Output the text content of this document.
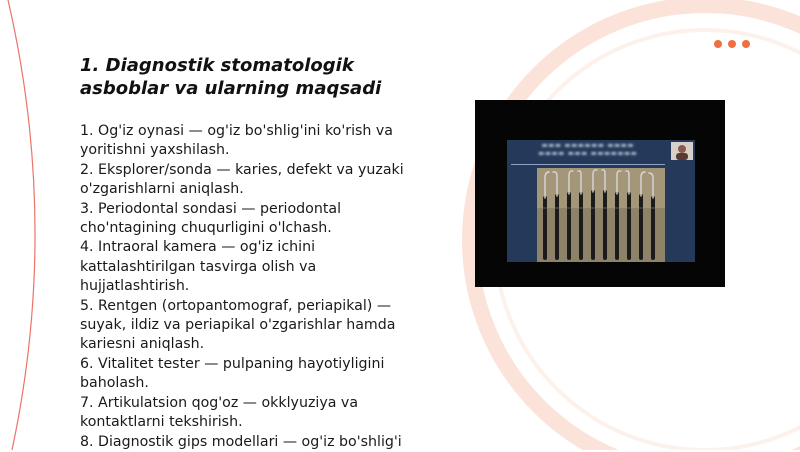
1. Diagnostik stomatologik asboblar va ularning maqsadi
1. Og'iz oynasi — og'iz bo'shlig'ini ko'rish va yoritishni yaxshilash.
2. Eksplorer/sonda — karies, defekt va yuzaki o'zgarishlarni aniqlash.
3. Periodontal sondasi — periodontal cho'ntagining chuqurligini o'lchash.
4. Intraoral kamera — og'iz ichini kattalashtirilgan tasvirga olish va hujjatlashtirish.
5. Rentgen (ortopantomograf, periapikal) — suyak, ildiz va periapikal o'zgarishlar hamda kariesni aniqlash.
6. Vitalitet tester — pulpaning hayotiyligini baholash.
7. Artikulatsion qog'oz — okklyuziya va kontaktlarni tekshirish.
8. Diagnostik gips modellari — og'iz bo'shlig'i
▬▬▬ ▬▬▬▬▬▬ ▬▬▬▬
▬▬▬▬ ▬▬▬ ▬▬▬▬▬▬▬
